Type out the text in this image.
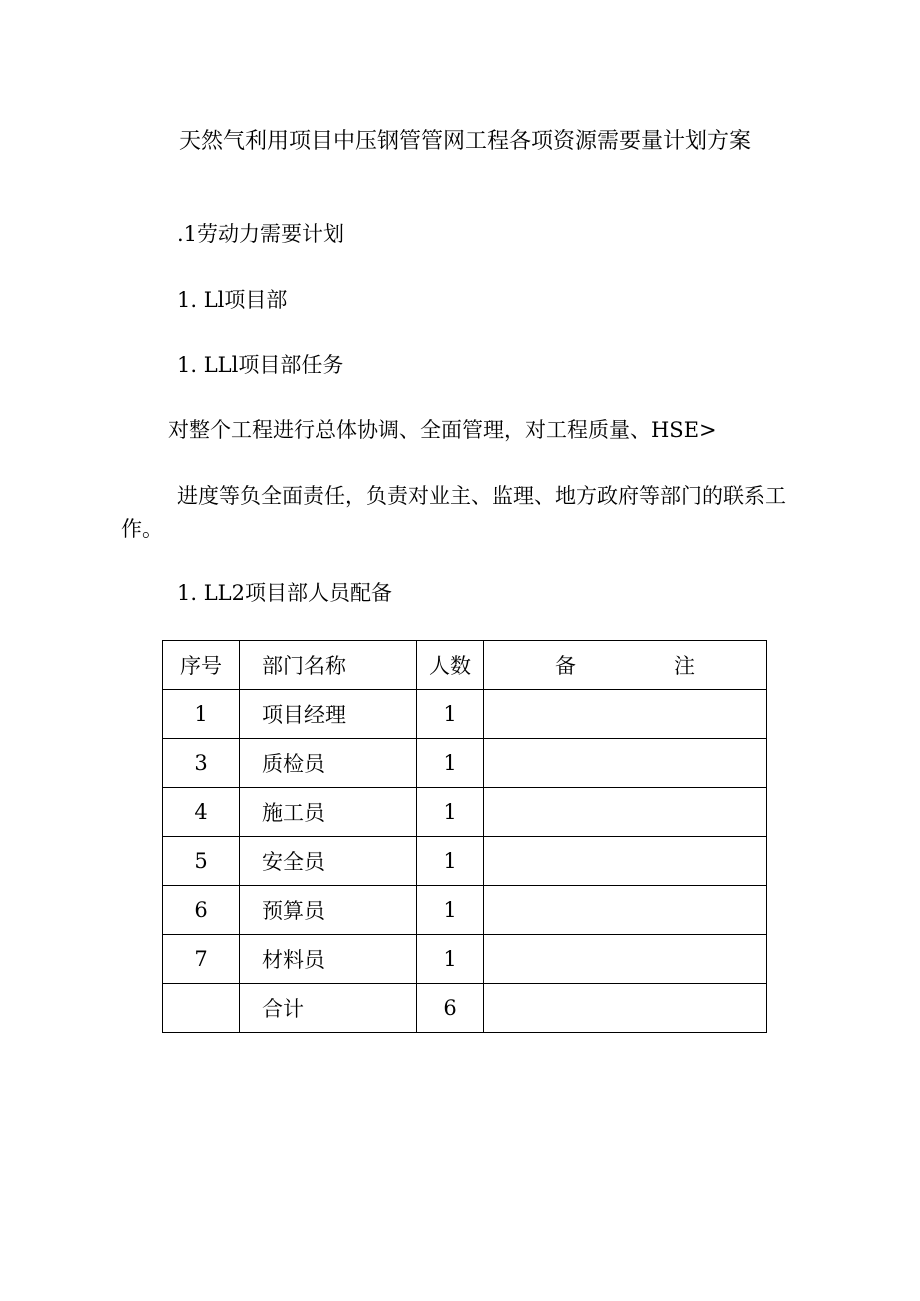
天然气利用项目中压钢管管网工程各项资源需要量计划方案
.1劳动力需要计划
1. Ll项目部
1. LLl项目部任务
对整个工程进行总体协调、全面管理，对工程质量、HSE>
进度等负全面责任，负责对业主、监理、地方政府等部门的联系工作。
1. LL2项目部人员配备
序号	部门名称	人数	备 注
1	项目经理	1	
3	质检员	1	
4	施工员	1	
5	安全员	1	
6	预算员	1	
7	材料员	1	
	合计	6	
